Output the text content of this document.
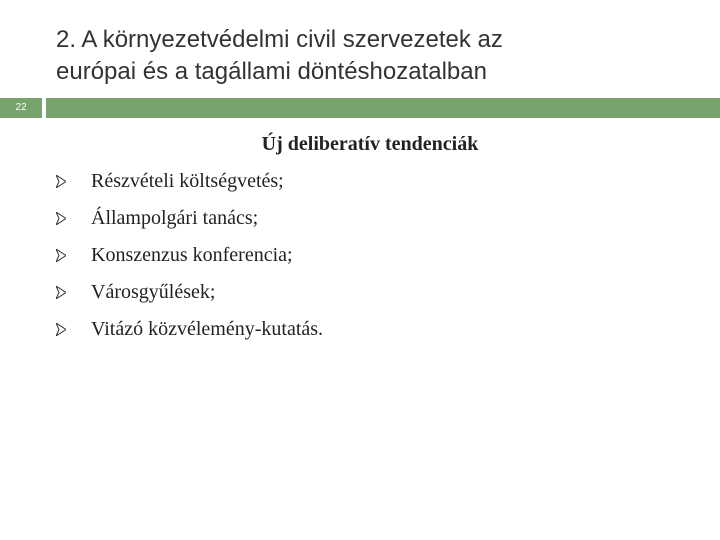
2. A környezetvédelmi civil szervezetek az
európai és a tagállami döntéshozatalban
22
Új deliberatív tendenciák
Részvételi költségvetés;
Állampolgári tanács;
Konszenzus konferencia;
Városgyűlések;
Vitázó közvélemény-kutatás.
